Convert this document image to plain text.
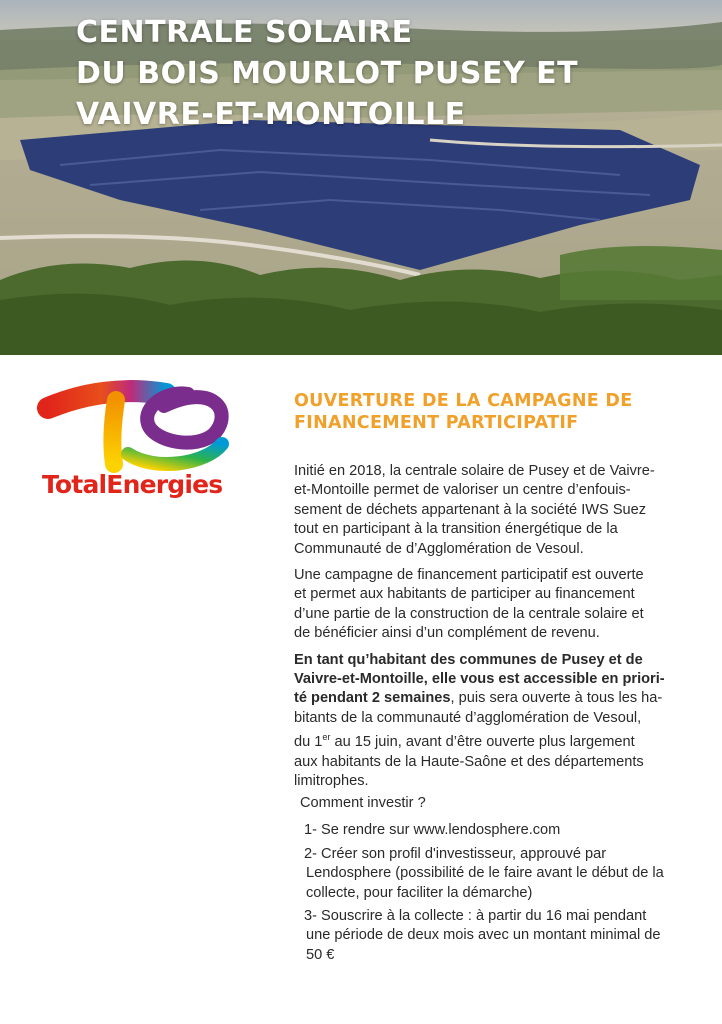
CENTRALE SOLAIRE
DU BOIS MOURLOT PUSEY ET
VAIVRE-ET-MONTOILLE

TotalEnergies

OUVERTURE DE LA CAMPAGNE DE
FINANCEMENT PARTICIPATIF

Initié en 2018, la centrale solaire de Pusey et de Vaivre-
et-Montoille permet de valoriser un centre d’enfouis-
sement de déchets appartenant à la société IWS Suez
tout en participant à la transition énergétique de la
Communauté de d’Agglomération de Vesoul.

Une campagne de financement participatif est ouverte
et permet aux habitants de participer au financement
d’une partie de la construction de la centrale solaire et
de bénéficier ainsi d’un complément de revenu.

En tant qu’habitant des communes de Pusey et de
Vaivre-et-Montoille, elle vous est accessible en priori-
té pendant 2 semaines, puis sera ouverte à tous les ha-
bitants de la communauté d’agglomération de Vesoul,
du 1er au 15 juin, avant d’être ouverte plus largement
aux habitants de la Haute-Saône et des départements
limitrophes.

Comment investir ?
1- Se rendre sur www.lendosphere.com
2- Créer son profil d'investisseur, approuvé par
Lendosphere (possibilité de le faire avant le début de la
collecte, pour faciliter la démarche)
3- Souscrire à la collecte : à partir du 16 mai pendant
une période de deux mois avec un montant minimal de
50 €
